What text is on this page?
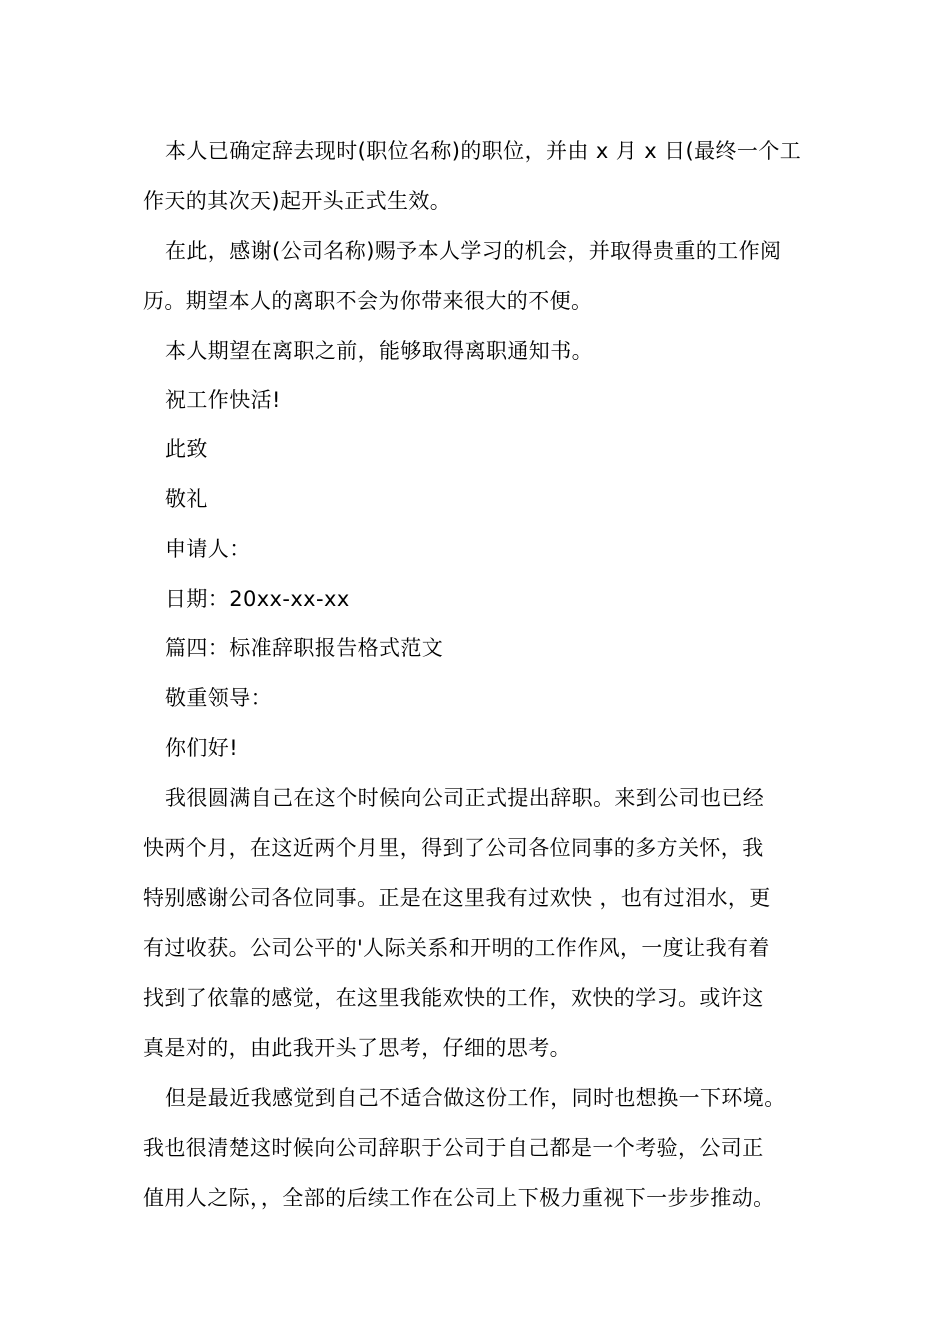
本人已确定辞去现时(职位名称)的职位，并由 x 月 x 日(最终一个工
作天的其次天)起开头正式生效。
在此，感谢(公司名称)赐予本人学习的机会，并取得贵重的工作阅
历。期望本人的离职不会为你带来很大的不便。
本人期望在离职之前，能够取得离职通知书。
祝工作快活!
此致
敬礼
申请人：
日期：20xx-xx-xx
篇四：标准辞职报告格式范文
敬重领导：
你们好!
我很圆满自己在这个时候向公司正式提出辞职。来到公司也已经
快两个月，在这近两个月里，得到了公司各位同事的多方关怀，我
特别感谢公司各位同事。正是在这里我有过欢快 ，也有过泪水，更
有过收获。公司公平的'人际关系和开明的工作作风，一度让我有着
找到了依靠的感觉，在这里我能欢快的工作，欢快的学习。或许这
真是对的，由此我开头了思考，仔细的思考。
但是最近我感觉到自己不适合做这份工作，同时也想换一下环境。
我也很清楚这时候向公司辞职于公司于自己都是一个考验，公司正
值用人之际，，全部的后续工作在公司上下极力重视下一步步推动。
